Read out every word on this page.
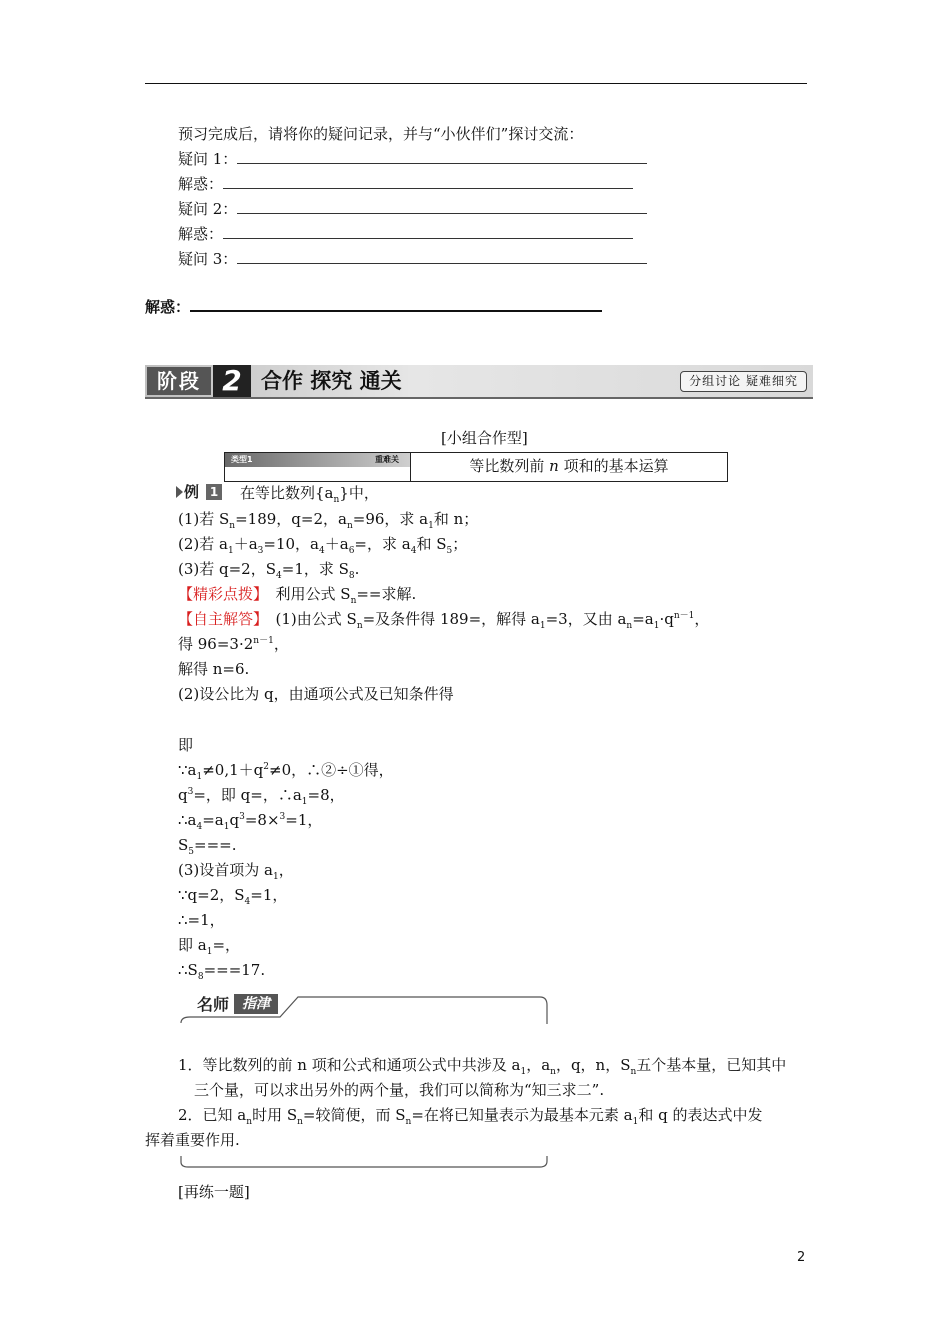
预习完成后，请将你的疑问记录，并与“小伙伴们”探讨交流：
疑问 1：
解惑：
疑问 2：
解惑：
疑问 3：
解惑：
阶段 2 合作 探究 通关	分组讨论 疑难细究
[小组合作型]
类型1	重难关	等比数列前 n 项和的基本运算
例 1 在等比数列$\{a_n\}$中，
(1)若 $S_n=189$，q=2，$a_n=96$，求 $a_1$和 n；
(2)若 $a_1+a_3=10$，$a_4+a_6=$，求 $a_4$和 $S_5$；
(3)若 q=2，$S_4=1$，求 $S_8$.
【精彩点拨】　利用公式 $S_n==$求解.
【自主解答】　(1)由公式 $S_n=$及条件得 189=，解得 $a_1=3$，又由 $a_n=a_1\cdot q^{n-1}$，
得 $96=3\cdot 2^{n-1}$，
解得 n=6.
(2)设公比为 q，由通项公式及已知条件得
即
$\because a_1\ne 0,1+q^2\ne 0$，∴②÷①得，
$q^3=$，即 q=，$\therefore a_1=8$，
$\therefore a_4=a_1q^3=8\times^3=1$，
$S_5===$.
(3)设首项为 $a_1$，
∵q=2，$S_4=1$，
∴=1，
即 $a_1=$，
$\therefore S_8===17$.
名师 指津
1．等比数列的前 n 项和公式和通项公式中共涉及 $a_1$，$a_n$，q，n，$S_n$五个基本量，已知其中
三个量，可以求出另外的两个量，我们可以简称为“知三求二”.
2．已知 $a_n$时用 $S_n=$较简便，而 $S_n=$在将已知量表示为最基本元素 $a_1$和 q 的表达式中发
挥着重要作用.
[再练一题]
2
